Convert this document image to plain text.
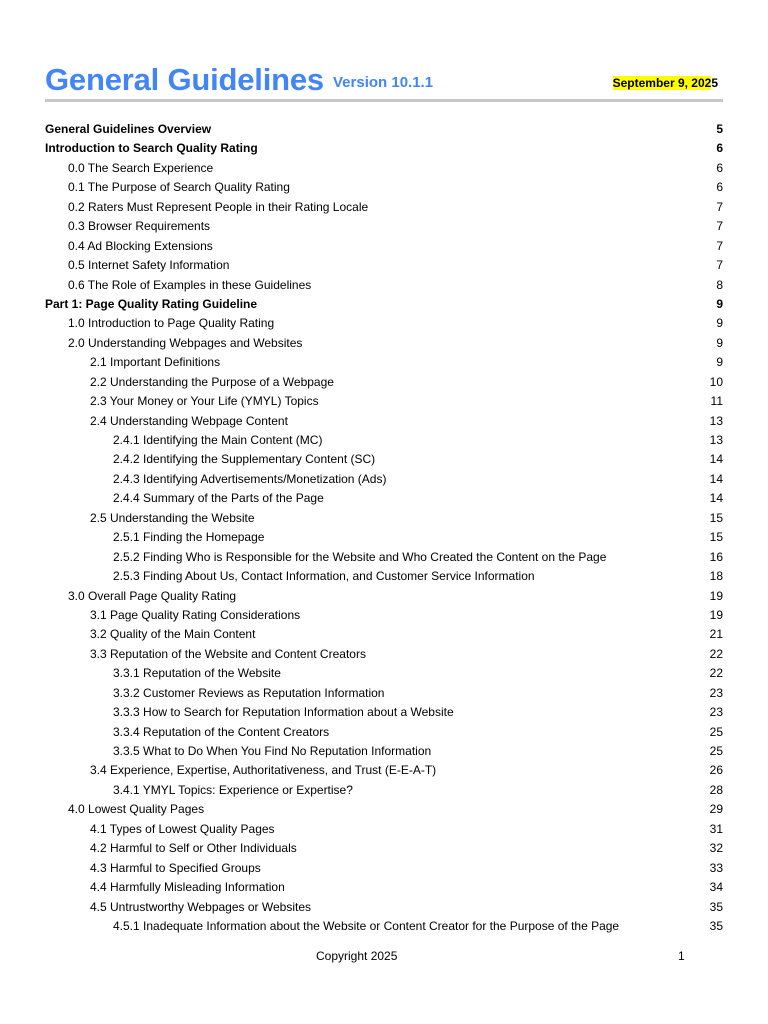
General Guidelines Version 10.1.1	September 9, 2025
General Guidelines Overview	5
Introduction to Search Quality Rating	6
0.0 The Search Experience	6
0.1 The Purpose of Search Quality Rating	6
0.2 Raters Must Represent People in their Rating Locale	7
0.3 Browser Requirements	7
0.4 Ad Blocking Extensions	7
0.5 Internet Safety Information	7
0.6 The Role of Examples in these Guidelines	8
Part 1: Page Quality Rating Guideline	9
1.0 Introduction to Page Quality Rating	9
2.0 Understanding Webpages and Websites	9
2.1 Important Definitions	9
2.2 Understanding the Purpose of a Webpage	10
2.3 Your Money or Your Life (YMYL) Topics	11
2.4 Understanding Webpage Content	13
2.4.1 Identifying the Main Content (MC)	13
2.4.2 Identifying the Supplementary Content (SC)	14
2.4.3 Identifying Advertisements/Monetization (Ads)	14
2.4.4 Summary of the Parts of the Page	14
2.5 Understanding the Website	15
2.5.1 Finding the Homepage	15
2.5.2 Finding Who is Responsible for the Website and Who Created the Content on the Page	16
2.5.3 Finding About Us, Contact Information, and Customer Service Information	18
3.0 Overall Page Quality Rating	19
3.1 Page Quality Rating Considerations	19
3.2 Quality of the Main Content	21
3.3 Reputation of the Website and Content Creators	22
3.3.1 Reputation of the Website	22
3.3.2 Customer Reviews as Reputation Information	23
3.3.3 How to Search for Reputation Information about a Website	23
3.3.4 Reputation of the Content Creators	25
3.3.5 What to Do When You Find No Reputation Information	25
3.4 Experience, Expertise, Authoritativeness, and Trust (E-E-A-T)	26
3.4.1 YMYL Topics: Experience or Expertise?	28
4.0 Lowest Quality Pages	29
4.1 Types of Lowest Quality Pages	31
4.2 Harmful to Self or Other Individuals	32
4.3 Harmful to Specified Groups	33
4.4 Harmfully Misleading Information	34
4.5 Untrustworthy Webpages or Websites	35
4.5.1 Inadequate Information about the Website or Content Creator for the Purpose of the Page	35
Copyright 2025	1
